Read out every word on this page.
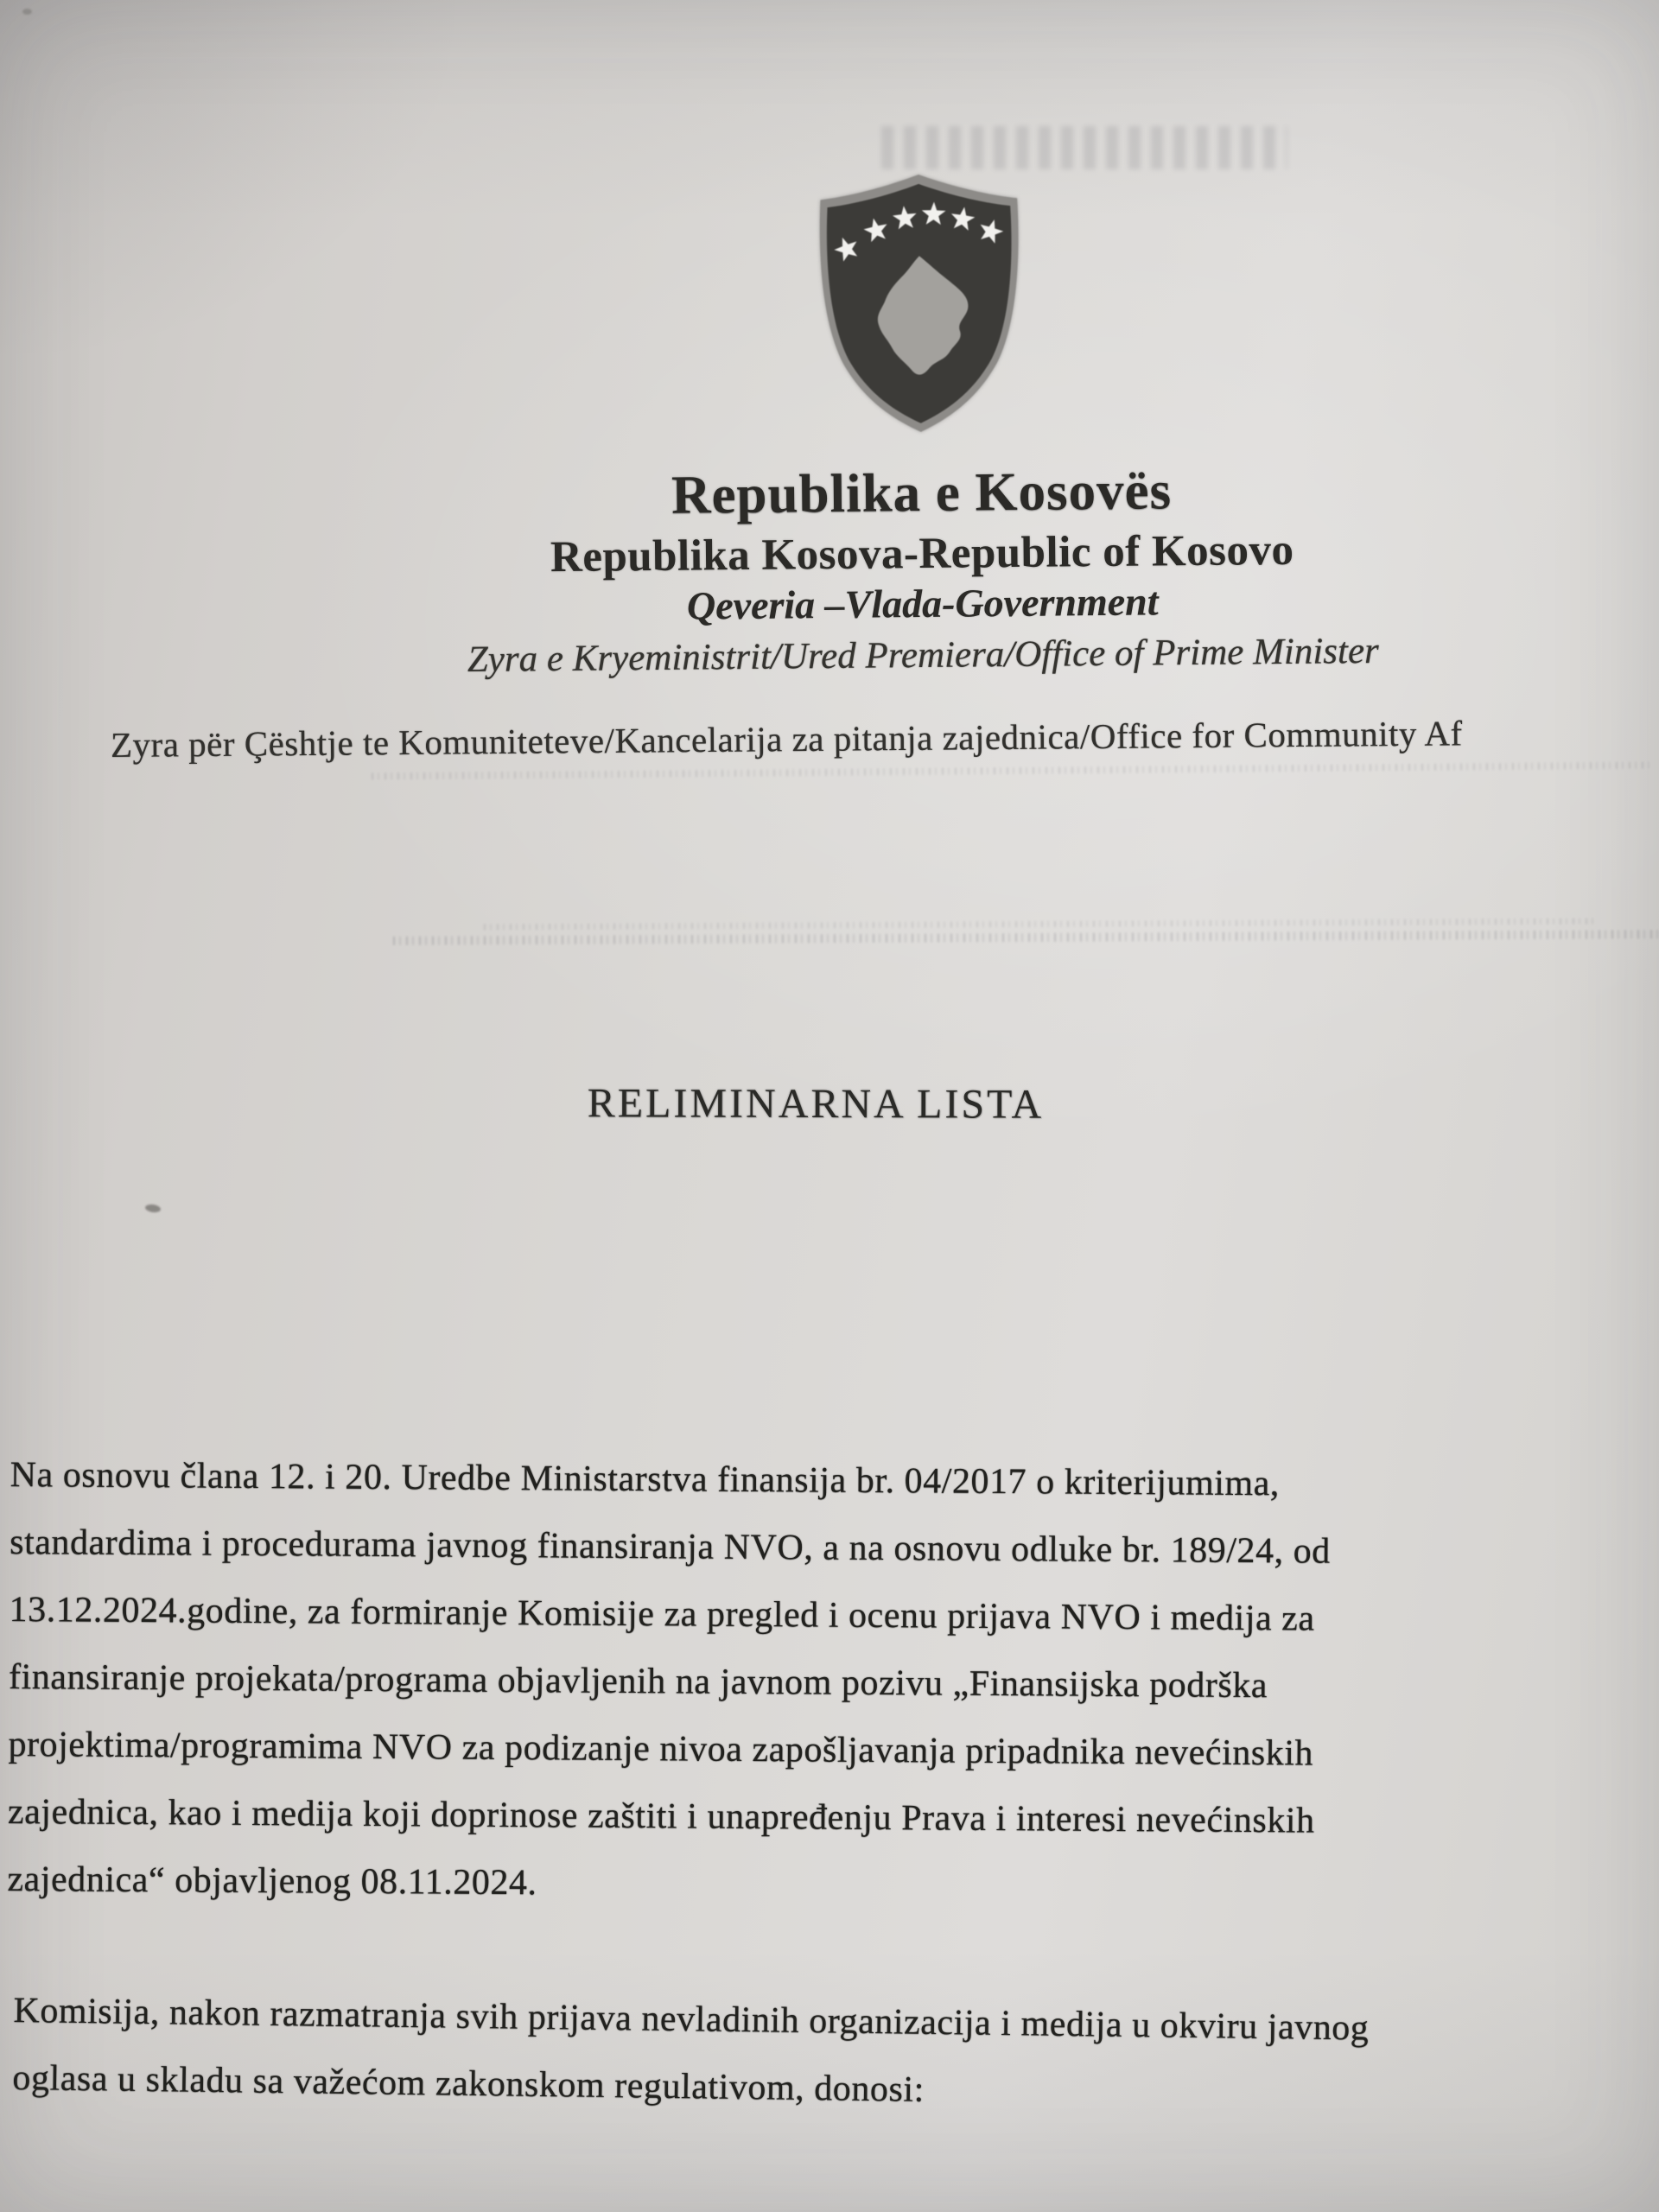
Republika e Kosovës
Republika Kosova-Republic of Kosovo
Qeveria –Vlada-Government
Zyra e Kryeministrit/Ured Premiera/Office of Prime Minister
Zyra për Çështje te Komuniteteve/Kancelarija za pitanja zajednica/Office for Community Af
RELIMINARNA LISTA
Na osnovu člana 12. i 20. Uredbe Ministarstva finansija br. 04/2017 o kriterijumima,
standardima i procedurama javnog finansiranja NVO, a na osnovu odluke br. 189/24, od
13.12.2024.godine, za formiranje Komisije za pregled i ocenu prijava NVO i medija za
finansiranje projekata/programa objavljenih na javnom pozivu „Finansijska podrška
projektima/programima NVO za podizanje nivoa zapošljavanja pripadnika nevećinskih
zajednica, kao i medija koji doprinose zaštiti i unapređenju Prava i interesi nevećinskih
zajednica“ objavljenog 08.11.2024.
Komisija, nakon razmatranja svih prijava nevladinih organizacija i medija u okviru javnog
oglasa u skladu sa važećom zakonskom regulativom, donosi:
